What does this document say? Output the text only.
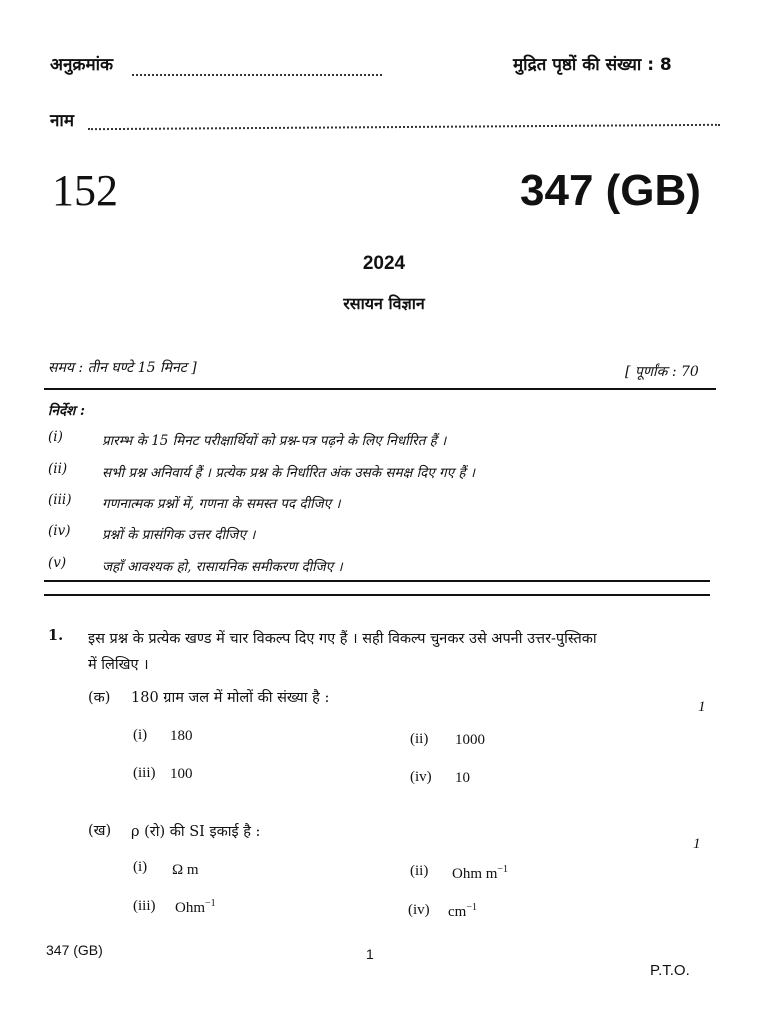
अनुक्रमांक	मुद्रित पृष्ठों की संख्या : 8
नाम
152	347 (GB)
2024
रसायन विज्ञान
समय : तीन घण्टे 15 मिनट ]	[ पूर्णांक : 70
निर्देश :
(i)	प्रारम्भ के 15 मिनट परीक्षार्थियों को प्रश्न-पत्र पढ़ने के लिए निर्धारित हैं ।
(ii)	सभी प्रश्न अनिवार्य हैं । प्रत्येक प्रश्न के निर्धारित अंक उसके समक्ष दिए गए हैं ।
(iii) गणनात्मक प्रश्नों में, गणना के समस्त पद दीजिए ।
(iv) प्रश्नों के प्रासंगिक उत्तर दीजिए ।
(v)	जहाँ आवश्यक हो, रासायनिक समीकरण दीजिए ।
1. इस प्रश्न के प्रत्येक खण्ड में चार विकल्प दिए गए हैं । सही विकल्प चुनकर उसे अपनी उत्तर-पुस्तिका
में लिखिए ।
(क) 180 ग्राम जल में मोलों की संख्या है :
1
(i) 180	(ii) 1000
(iii) 100	(iv) 10
(ख) ρ (रो) की SI इकाई है :
1
(i) Ω m	(ii) Ohm $m^{-1}$
(iii) Ohm$^{-1}$	(iv) $cm^{-1}$
347 (GB)	1
P.T.O.
